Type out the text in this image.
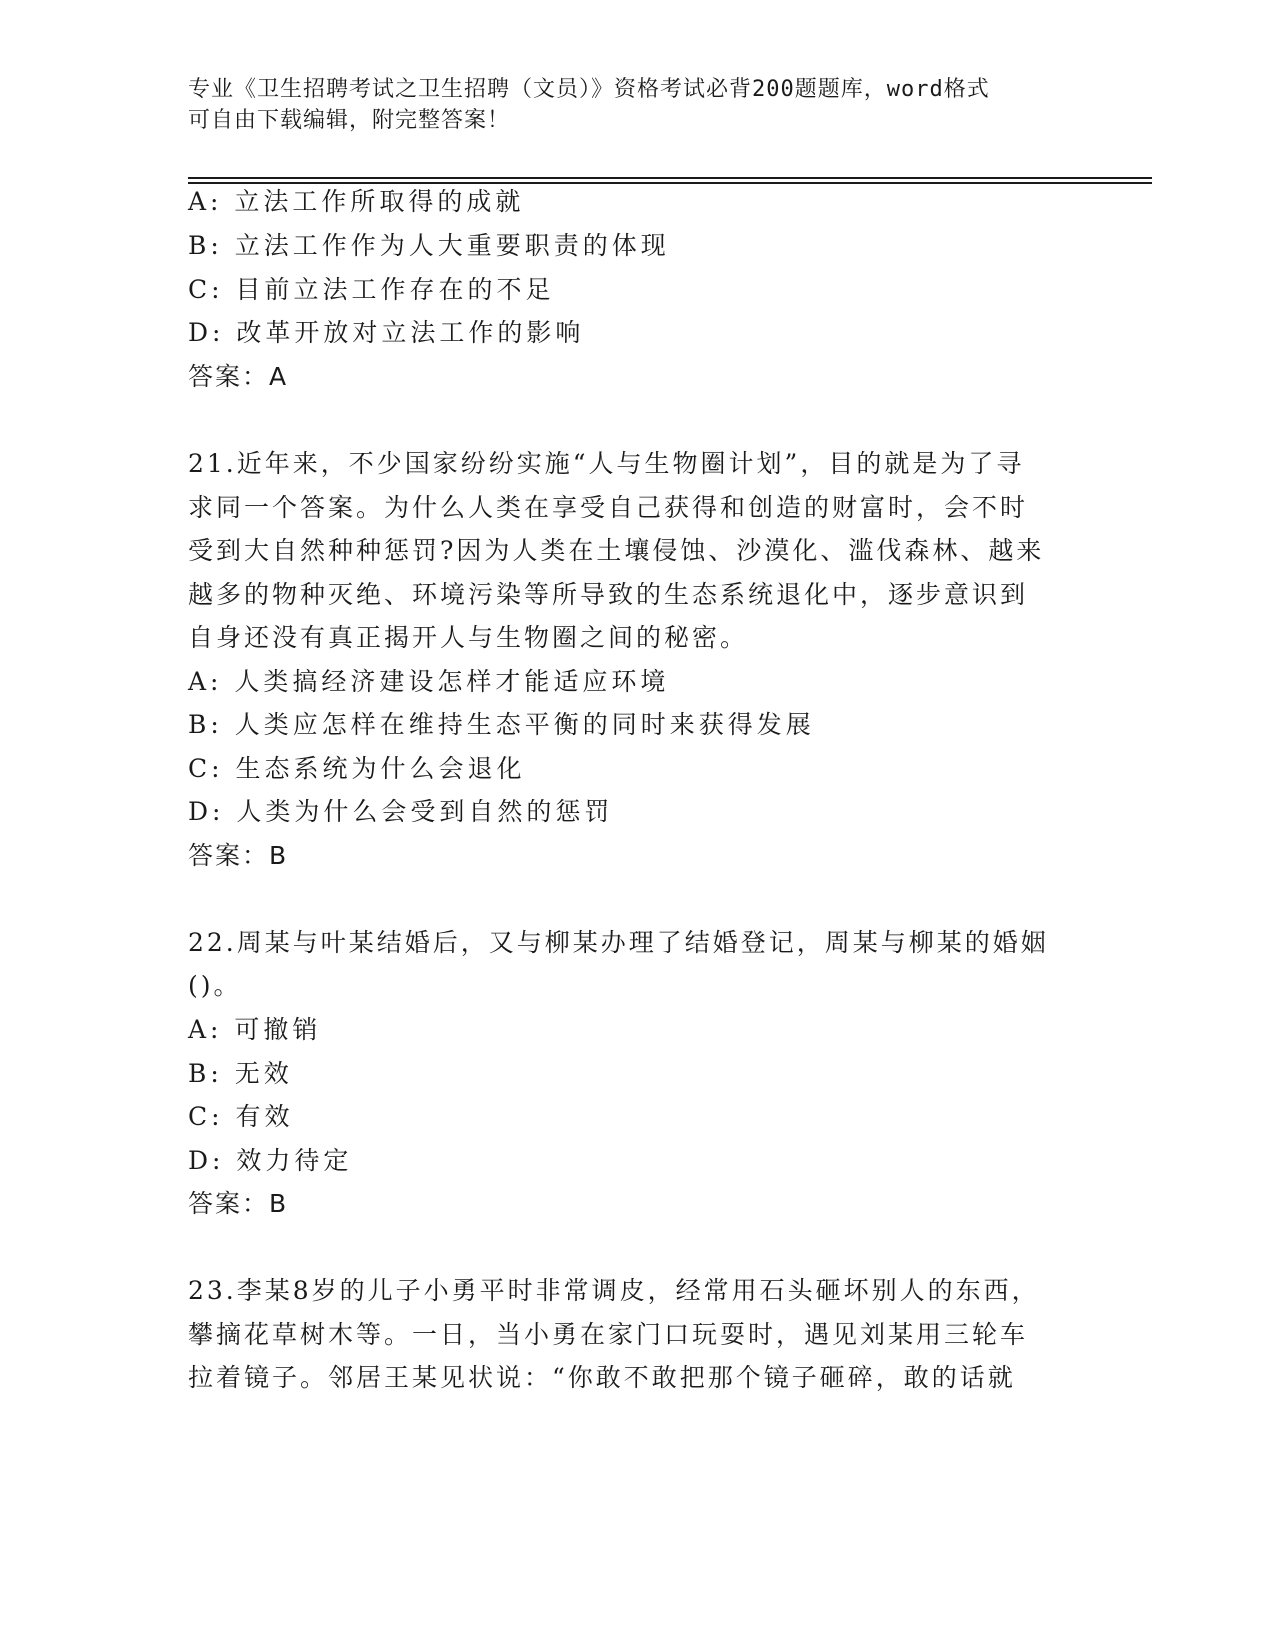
专业《卫生招聘考试之卫生招聘（文员）》资格考试必背200题题库，word格式
可自由下载编辑，附完整答案！
A: 立法工作所取得的成就
B: 立法工作作为人大重要职责的体现
C: 目前立法工作存在的不足
D: 改革开放对立法工作的影响
答案：A
21.近年来，不少国家纷纷实施“人与生物圈计划”，目的就是为了寻
求同一个答案。为什么人类在享受自己获得和创造的财富时，会不时
受到大自然种种惩罚?因为人类在土壤侵蚀、沙漠化、滥伐森林、越来
越多的物种灭绝、环境污染等所导致的生态系统退化中，逐步意识到
自身还没有真正揭开人与生物圈之间的秘密。
A: 人类搞经济建设怎样才能适应环境
B: 人类应怎样在维持生态平衡的同时来获得发展
C: 生态系统为什么会退化
D: 人类为什么会受到自然的惩罚
答案：B
22.周某与叶某结婚后，又与柳某办理了结婚登记，周某与柳某的婚姻
()。
A: 可撤销
B: 无效
C: 有效
D: 效力待定
答案：B
23.李某8岁的儿子小勇平时非常调皮，经常用石头砸坏别人的东西，
攀摘花草树木等。一日，当小勇在家门口玩耍时，遇见刘某用三轮车
拉着镜子。邻居王某见状说：“你敢不敢把那个镜子砸碎，敢的话就
